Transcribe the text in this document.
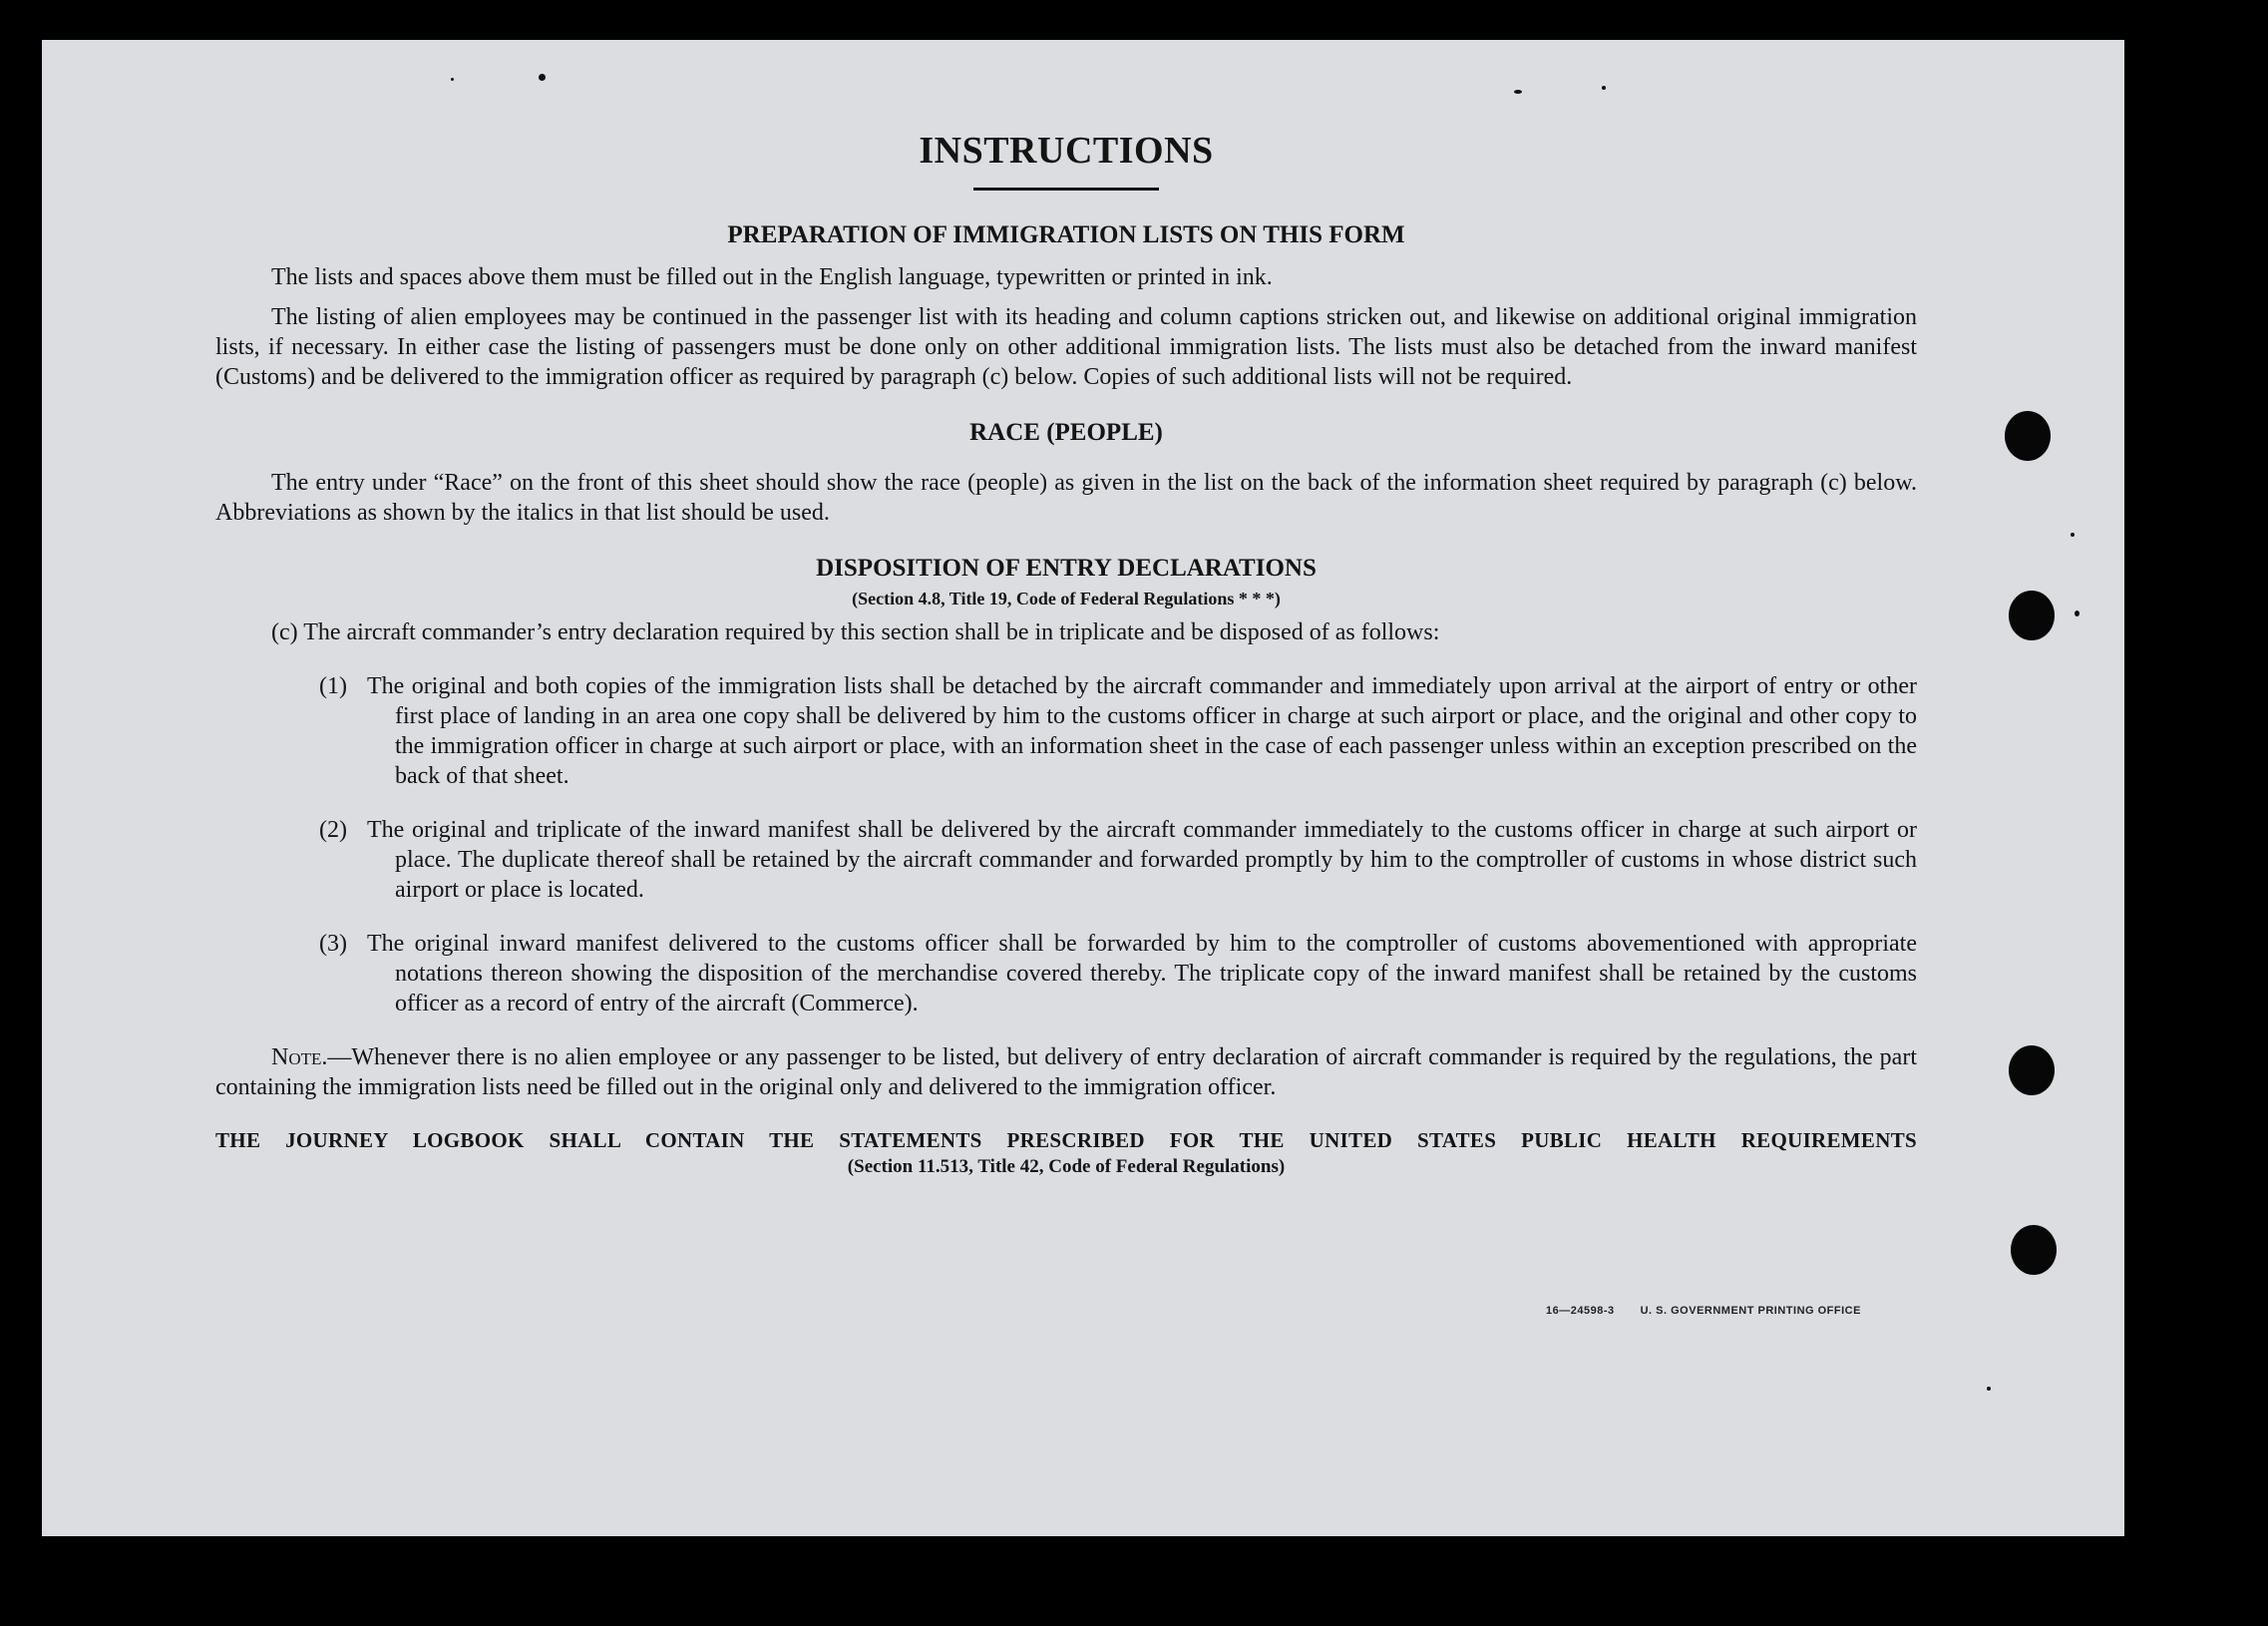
INSTRUCTIONS
PREPARATION OF IMMIGRATION LISTS ON THIS FORM

The lists and spaces above them must be filled out in the English language, typewritten or printed in ink.

The listing of alien employees may be continued in the passenger list with its heading and column captions stricken out, and likewise on additional original immigration lists, if necessary. In either case the listing of passengers must be done only on other additional immigration lists. The lists must also be detached from the inward manifest (Customs) and be delivered to the immigration officer as required by paragraph (c) below. Copies of such additional lists will not be required.

RACE (PEOPLE)

The entry under “Race” on the front of this sheet should show the race (people) as given in the list on the back of the information sheet required by paragraph (c) below. Abbreviations as shown by the italics in that list should be used.

DISPOSITION OF ENTRY DECLARATIONS

(Section 4.8, Title 19, Code of Federal Regulations * * *)

(c) The aircraft commander’s entry declaration required by this section shall be in triplicate and be disposed of as follows:

(1) The original and both copies of the immigration lists shall be detached by the aircraft commander and immediately upon arrival at the airport of entry or other first place of landing in an area one copy shall be delivered by him to the customs officer in charge at such airport or place, and the original and other copy to the immigration officer in charge at such airport or place, with an information sheet in the case of each passenger unless within an exception prescribed on the back of that sheet.

(2) The original and triplicate of the inward manifest shall be delivered by the aircraft commander immediately to the customs officer in charge at such airport or place. The duplicate thereof shall be retained by the aircraft commander and forwarded promptly by him to the comptroller of customs in whose district such airport or place is located.

(3) The original inward manifest delivered to the customs officer shall be forwarded by him to the comptroller of customs abovementioned with appropriate notations thereon showing the disposition of the merchandise covered thereby. The triplicate copy of the inward manifest shall be retained by the customs officer as a record of entry of the aircraft (Commerce).

Note.—Whenever there is no alien employee or any passenger to be listed, but delivery of entry declaration of aircraft commander is required by the regulations, the part containing the immigration lists need be filled out in the original only and delivered to the immigration officer.

THE JOURNEY LOGBOOK SHALL CONTAIN THE STATEMENTS PRESCRIBED FOR THE UNITED STATES PUBLIC HEALTH REQUIREMENTS

(Section 11.513, Title 42, Code of Federal Regulations)

16—24598-3 U. S. GOVERNMENT PRINTING OFFICE
